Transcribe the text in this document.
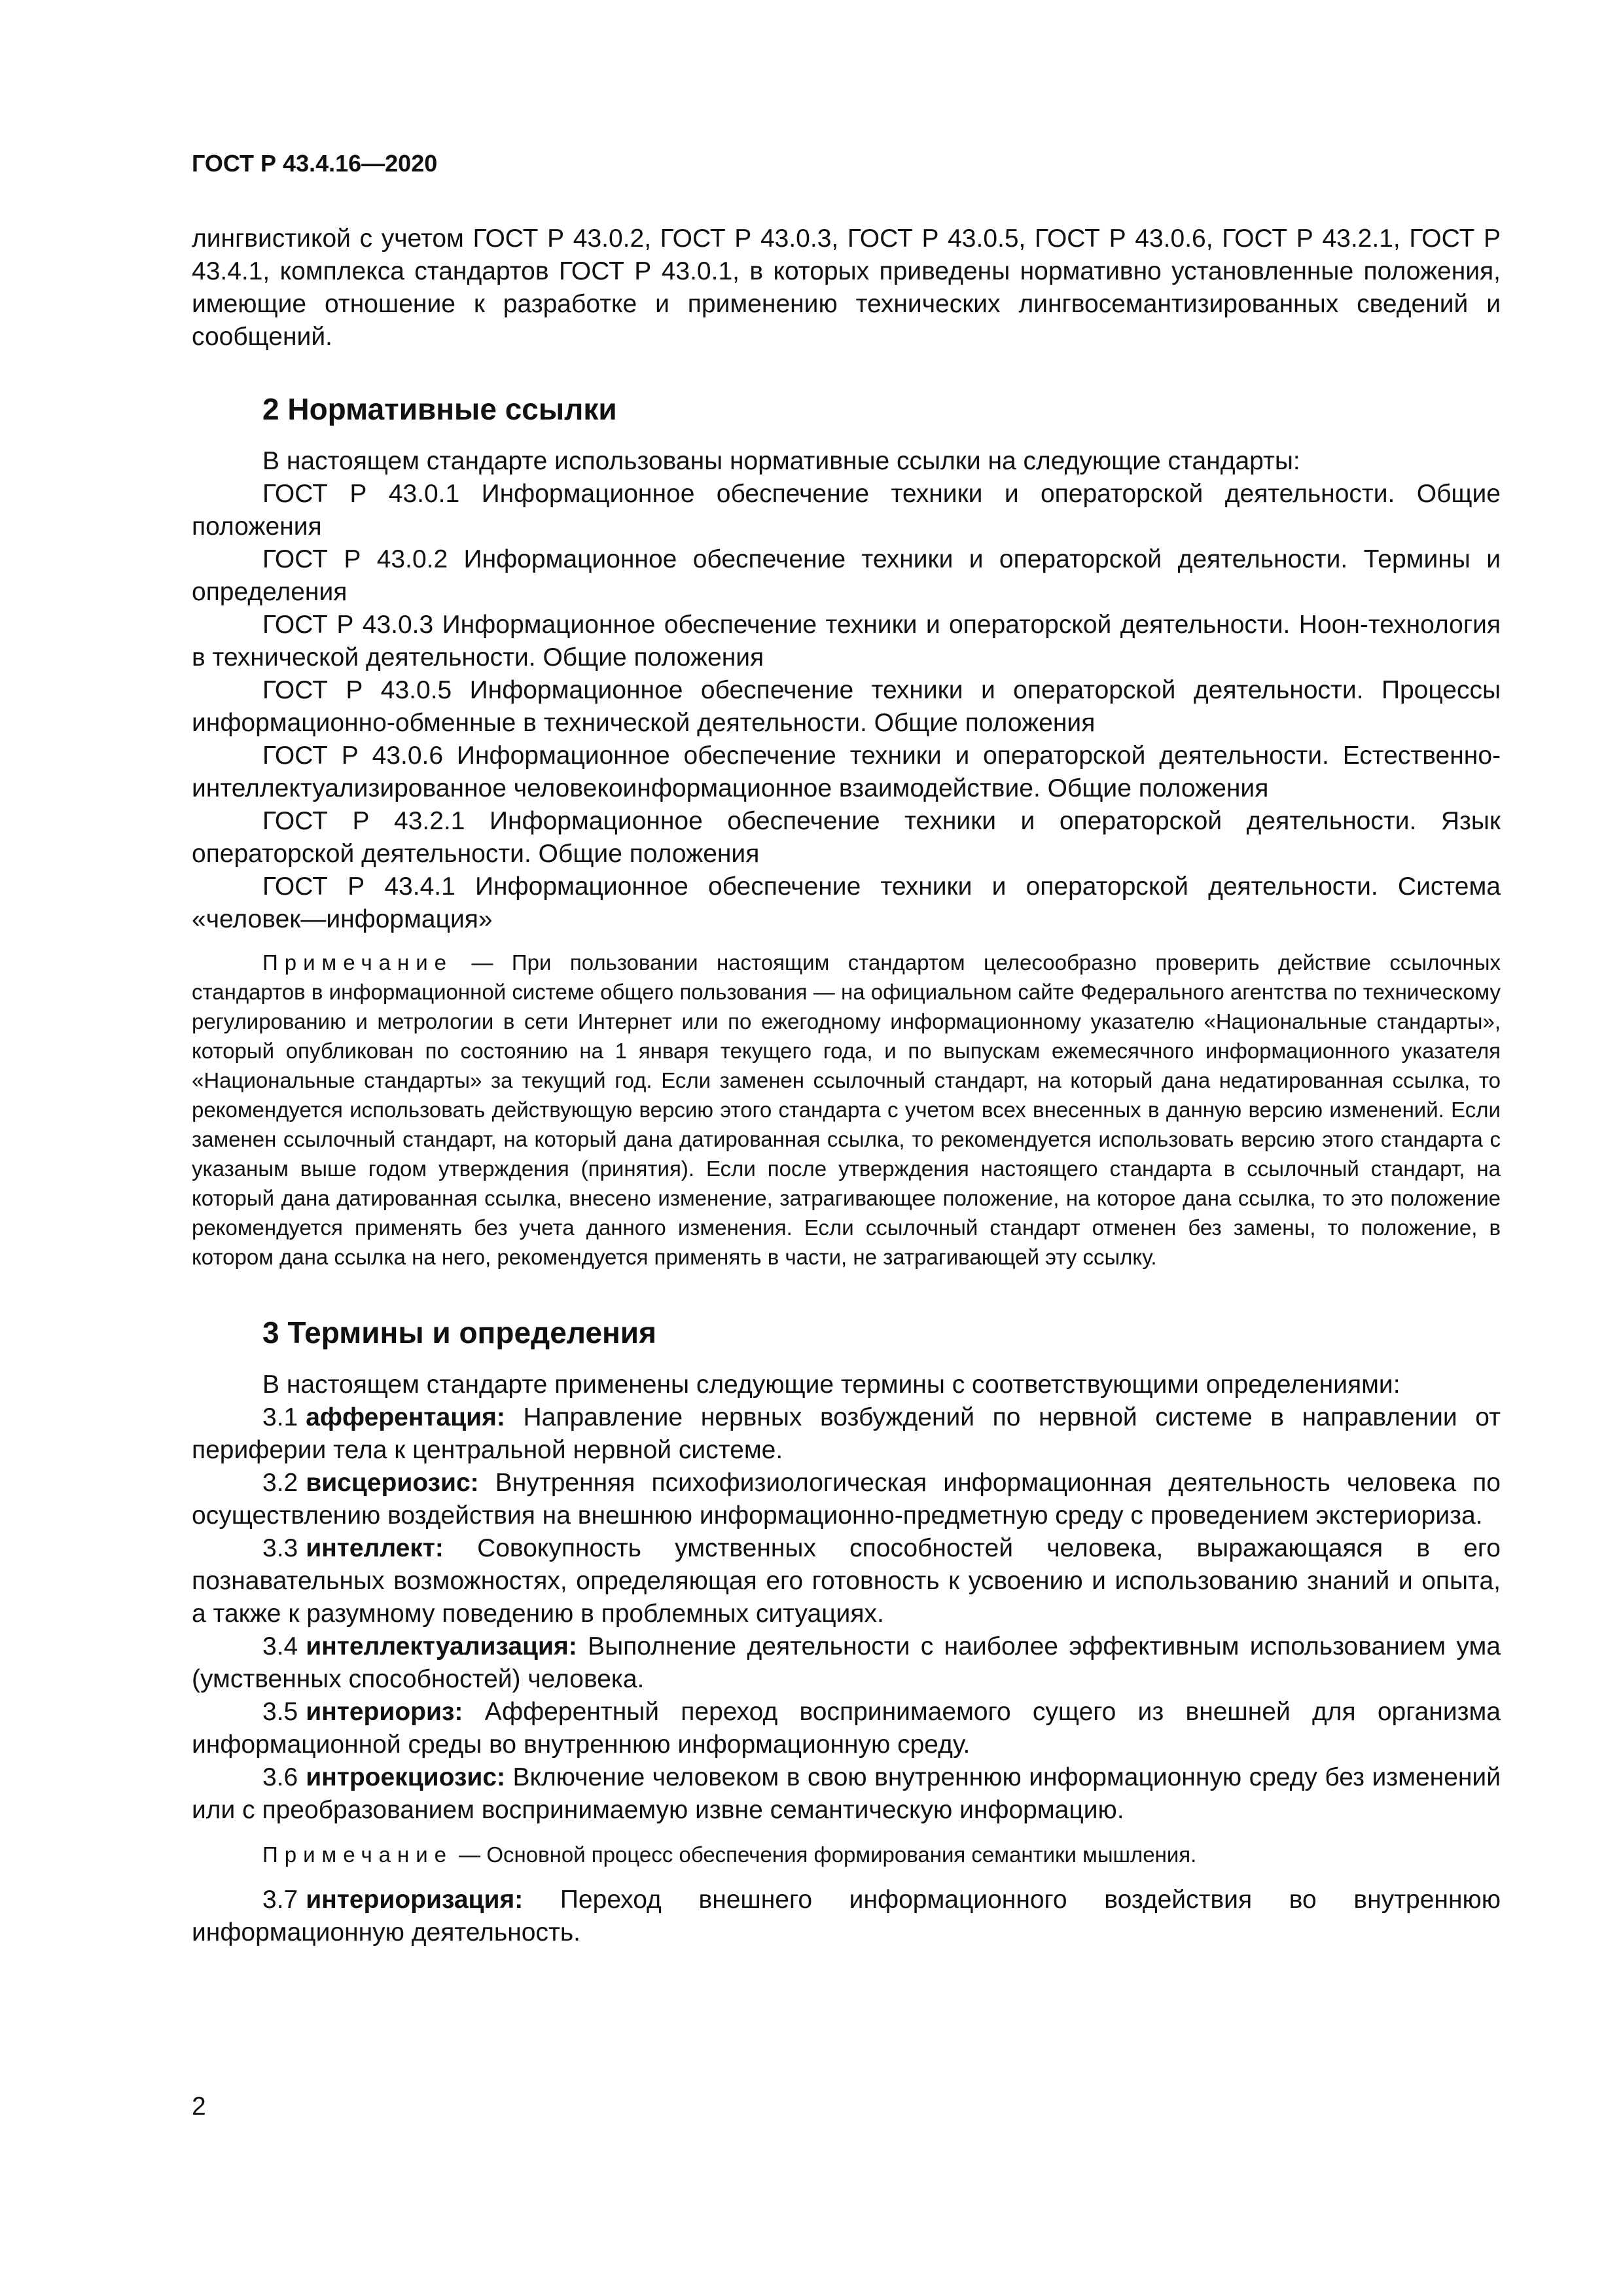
ГОСТ Р 43.4.16—2020

лингвистикой с учетом ГОСТ Р 43.0.2, ГОСТ Р 43.0.3, ГОСТ Р 43.0.5, ГОСТ Р 43.0.6, ГОСТ Р 43.2.1, ГОСТ Р 43.4.1, комплекса стандартов ГОСТ Р 43.0.1, в которых приведены нормативно установленные положения, имеющие отношение к разработке и применению технических лингвосемантизированных сведений и сообщений.

2 Нормативные ссылки

В настоящем стандарте использованы нормативные ссылки на следующие стандарты:

ГОСТ Р 43.0.1 Информационное обеспечение техники и операторской деятельности. Общие положения

ГОСТ Р 43.0.2 Информационное обеспечение техники и операторской деятельности. Термины и определения

ГОСТ Р 43.0.3 Информационное обеспечение техники и операторской деятельности. Ноон-технология в технической деятельности. Общие положения

ГОСТ Р 43.0.5 Информационное обеспечение техники и операторской деятельности. Процессы информационно-обменные в технической деятельности. Общие положения

ГОСТ Р 43.0.6 Информационное обеспечение техники и операторской деятельности. Естественно-интеллектуализированное человекоинформационное взаимодействие. Общие положения

ГОСТ Р 43.2.1 Информационное обеспечение техники и операторской деятельности. Язык операторской деятельности. Общие положения

ГОСТ Р 43.4.1 Информационное обеспечение техники и операторской деятельности. Система «человек—информация»

Примечание — При пользовании настоящим стандартом целесообразно проверить действие ссылочных стандартов в информационной системе общего пользования — на официальном сайте Федерального агентства по техническому регулированию и метрологии в сети Интернет или по ежегодному информационному указателю «Национальные стандарты», который опубликован по состоянию на 1 января текущего года, и по выпускам ежемесячного информационного указателя «Национальные стандарты» за текущий год. Если заменен ссылочный стандарт, на который дана недатированная ссылка, то рекомендуется использовать действующую версию этого стандарта с учетом всех внесенных в данную версию изменений. Если заменен ссылочный стандарт, на который дана датированная ссылка, то рекомендуется использовать версию этого стандарта с указаным выше годом утверждения (принятия). Если после утверждения настоящего стандарта в ссылочный стандарт, на который дана датированная ссылка, внесено изменение, затрагивающее положение, на которое дана ссылка, то это положение рекомендуется применять без учета данного изменения. Если ссылочный стандарт отменен без замены, то положение, в котором дана ссылка на него, рекомендуется применять в части, не затрагивающей эту ссылку.

3 Термины и определения

В настоящем стандарте применены следующие термины с соответствующими определениями:

3.1 афферентация: Направление нервных возбуждений по нервной системе в направлении от периферии тела к центральной нервной системе.

3.2 висцериозис: Внутренняя психофизиологическая информационная деятельность человека по осуществлению воздействия на внешнюю информационно-предметную среду с проведением экстериориза.

3.3 интеллект: Совокупность умственных способностей человека, выражающаяся в его познавательных возможностях, определяющая его готовность к усвоению и использованию знаний и опыта, а также к разумному поведению в проблемных ситуациях.

3.4 интеллектуализация: Выполнение деятельности с наиболее эффективным использованием ума (умственных способностей) человека.

3.5 интериориз: Афферентный переход воспринимаемого сущего из внешней для организма информационной среды во внутреннюю информационную среду.

3.6 интроекциозис: Включение человеком в свою внутреннюю информационную среду без изменений или с преобразованием воспринимаемую извне семантическую информацию.

Примечание — Основной процесс обеспечения формирования семантики мышления.

3.7 интериоризация: Переход внешнего информационного воздействия во внутреннюю информационную деятельность.

2
